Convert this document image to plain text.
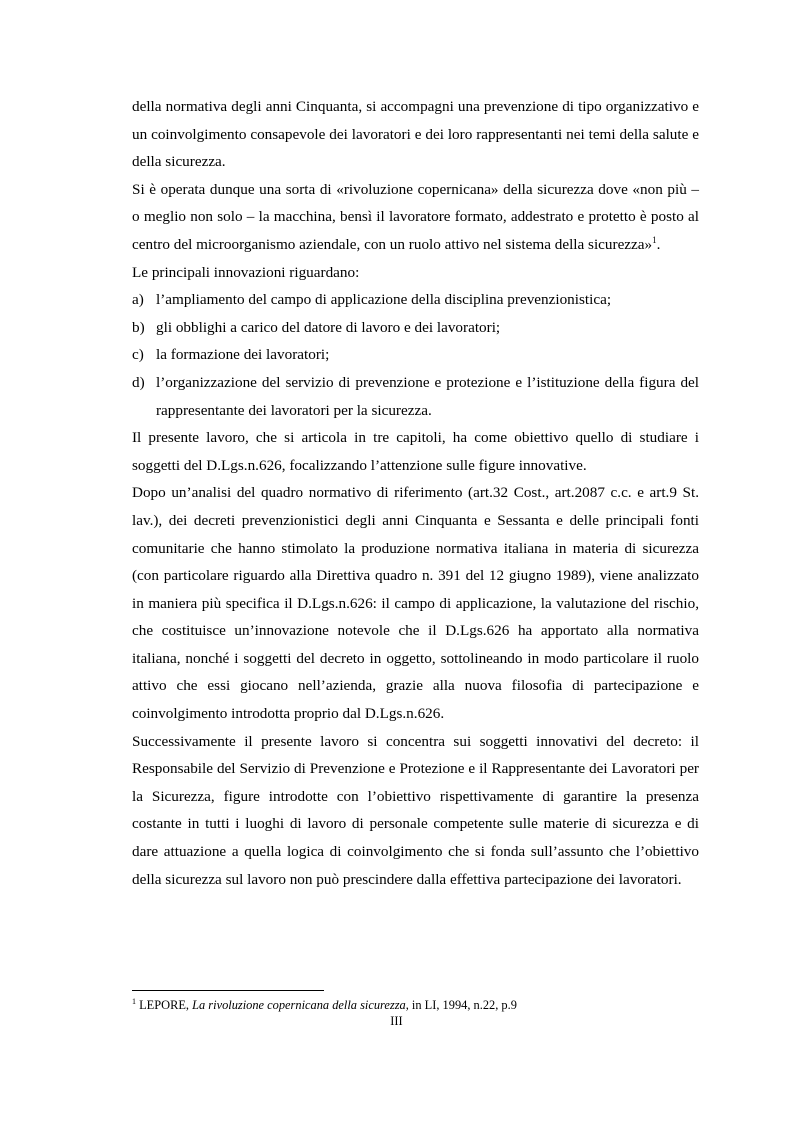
della normativa degli anni Cinquanta, si accompagni una prevenzione di tipo organizzativo e un coinvolgimento consapevole dei lavoratori e dei loro rappresentanti nei temi della salute e della sicurezza.

Si è operata dunque una sorta di «rivoluzione copernicana» della sicurezza dove «non più – o meglio non solo – la macchina, bensì il lavoratore formato, addestrato e protetto è posto al centro del microorganismo aziendale, con un ruolo attivo nel sistema della sicurezza»$^1$.

Le principali innovazioni riguardano:

a) l’ampliamento del campo di applicazione della disciplina prevenzionistica;
b) gli obblighi a carico del datore di lavoro e dei lavoratori;
c) la formazione dei lavoratori;
d) l’organizzazione del servizio di prevenzione e protezione e l’istituzione della figura del rappresentante dei lavoratori per la sicurezza.

Il presente lavoro, che si articola in tre capitoli, ha come obiettivo quello di studiare i soggetti del D.Lgs.n.626, focalizzando l’attenzione sulle figure innovative.

Dopo un’analisi del quadro normativo di riferimento (art.32 Cost., art.2087 c.c. e art.9 St. lav.), dei decreti prevenzionistici degli anni Cinquanta e Sessanta e delle principali fonti comunitarie che hanno stimolato la produzione normativa italiana in materia di sicurezza (con particolare riguardo alla Direttiva quadro n. 391 del 12 giugno 1989), viene analizzato in maniera più specifica il D.Lgs.n.626: il campo di applicazione, la valutazione del rischio, che costituisce un’innovazione notevole che il D.Lgs.626 ha apportato alla normativa italiana, nonché i soggetti del decreto in oggetto, sottolineando in modo particolare il ruolo attivo che essi giocano nell’azienda, grazie alla nuova filosofia di partecipazione e coinvolgimento introdotta proprio dal D.Lgs.n.626.

Successivamente il presente lavoro si concentra sui soggetti innovativi del decreto: il Responsabile del Servizio di Prevenzione e Protezione e il Rappresentante dei Lavoratori per la Sicurezza, figure introdotte con l’obiettivo rispettivamente di garantire la presenza costante in tutti i luoghi di lavoro di personale competente sulle materie di sicurezza e di dare attuazione a quella logica di coinvolgimento che si fonda sull’assunto che l’obiettivo della sicurezza sul lavoro non può prescindere dalla effettiva partecipazione dei lavoratori.

$^1$ LEPORE, La rivoluzione copernicana della sicurezza, in LI, 1994, n.22, p.9
III
